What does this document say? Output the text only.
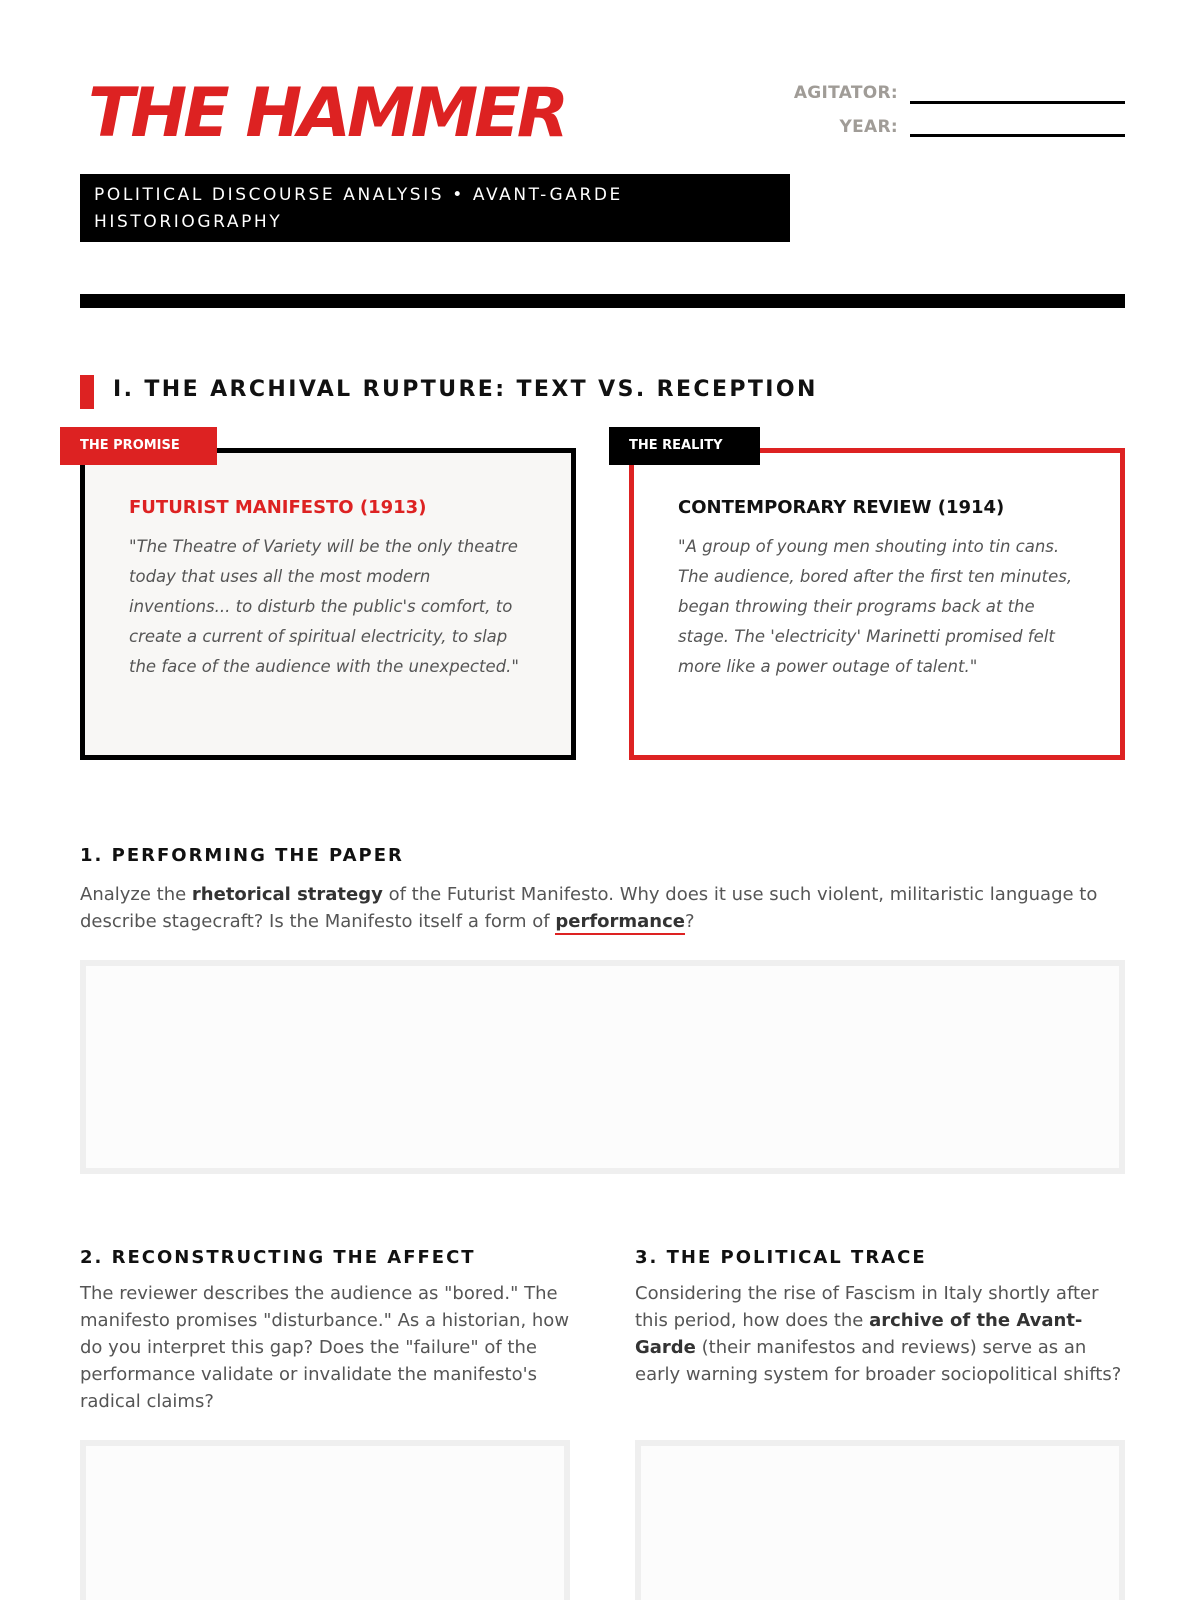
THE HAMMER
POLITICAL DISCOURSE ANALYSIS • AVANT-GARDE
HISTORIOGRAPHY
AGITATOR:
YEAR:
I. THE ARCHIVAL RUPTURE: TEXT VS. RECEPTION
THE PROMISE
FUTURIST MANIFESTO (1913)
"The Theatre of Variety will be the only theatre today that uses all the most modern inventions... to disturb the public's comfort, to create a current of spiritual electricity, to slap the face of the audience with the unexpected."
THE REALITY
CONTEMPORARY REVIEW (1914)
"A group of young men shouting into tin cans. The audience, bored after the first ten minutes, began throwing their programs back at the stage. The 'electricity' Marinetti promised felt more like a power outage of talent."
1. PERFORMING THE PAPER
Analyze the rhetorical strategy of the Futurist Manifesto. Why does it use such violent, militaristic language to describe stagecraft? Is the Manifesto itself a form of performance?
2. RECONSTRUCTING THE AFFECT
The reviewer describes the audience as "bored." The manifesto promises "disturbance." As a historian, how do you interpret this gap? Does the "failure" of the performance validate or invalidate the manifesto's radical claims?
3. THE POLITICAL TRACE
Considering the rise of Fascism in Italy shortly after this period, how does the archive of the Avant-Garde (their manifestos and reviews) serve as an early warning system for broader sociopolitical shifts?
